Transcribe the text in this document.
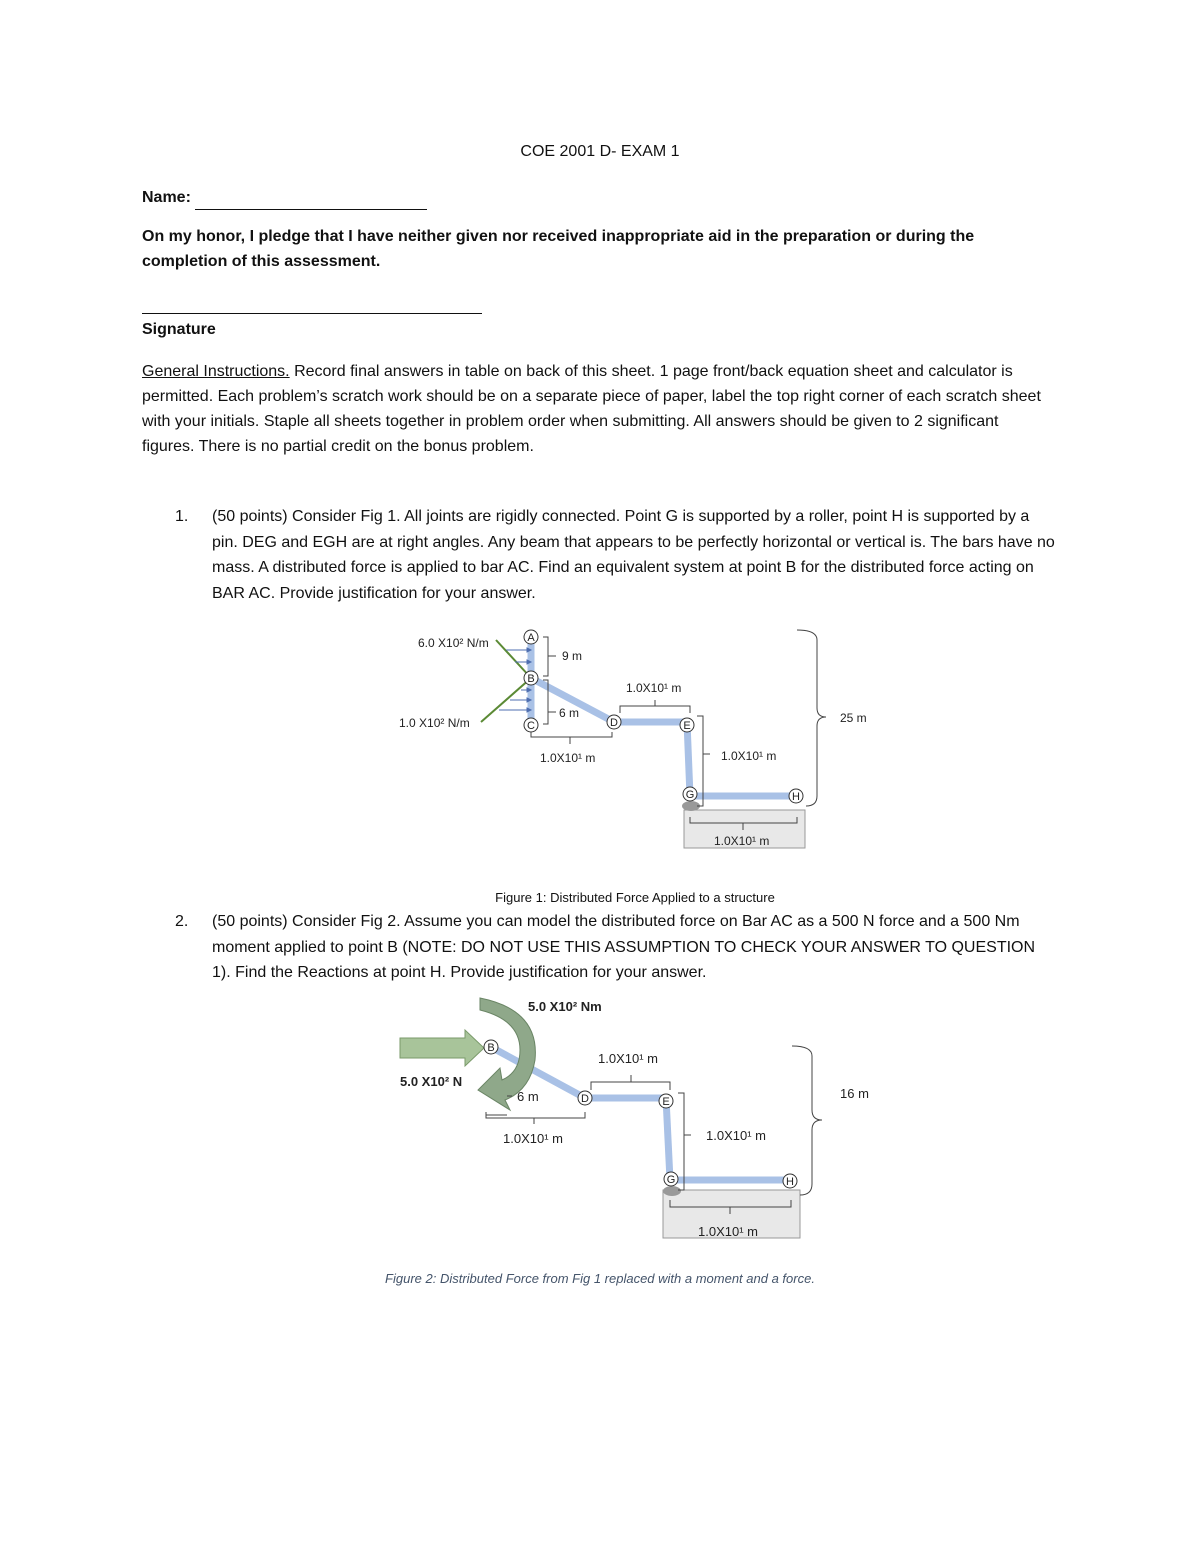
COE 2001 D- EXAM 1
Name:
On my honor, I pledge that I have neither given nor received inappropriate aid in the preparation or during the completion of this assessment.
Signature
General Instructions. Record final answers in table on back of this sheet. 1 page front/back equation sheet and calculator is permitted. Each problem’s scratch work should be on a separate piece of paper, label the top right corner of each scratch sheet with your initials. Staple all sheets together in problem order when submitting. All answers should be given to 2 significant figures. There is no partial credit on the bonus problem.
1. (50 points) Consider Fig 1. All joints are rigidly connected. Point G is supported by a roller, point H is supported by a pin. DEG and EGH are at right angles. Any beam that appears to be perfectly horizontal or vertical is. The bars have no mass. A distributed force is applied to bar AC. Find an equivalent system at point B for the distributed force acting on BAR AC. Provide justification for your answer.
A
B
C	D	E
G	H
6.0 X10² N/m
1.0 X10² N/m
9 m
6 m
1.0X10¹ m
1.0X10¹ m
1.0X10¹ m
1.0X10¹ m
25 m
Figure 1: Distributed Force Applied to a structure
2. (50 points) Consider Fig 2. Assume you can model the distributed force on Bar AC as a 500 N force and a 500 Nm moment applied to point B (NOTE: DO NOT USE THIS ASSUMPTION TO CHECK YOUR ANSWER TO QUESTION 1). Find the Reactions at point H. Provide justification for your answer.
B
D	E
G	H
5.0 X10² Nm
5.0 X10² N
6 m
1.0X10¹ m
1.0X10¹ m
1.0X10¹ m
1.0X10¹ m
16 m
Figure 2: Distributed Force from Fig 1 replaced with a moment and a force.
